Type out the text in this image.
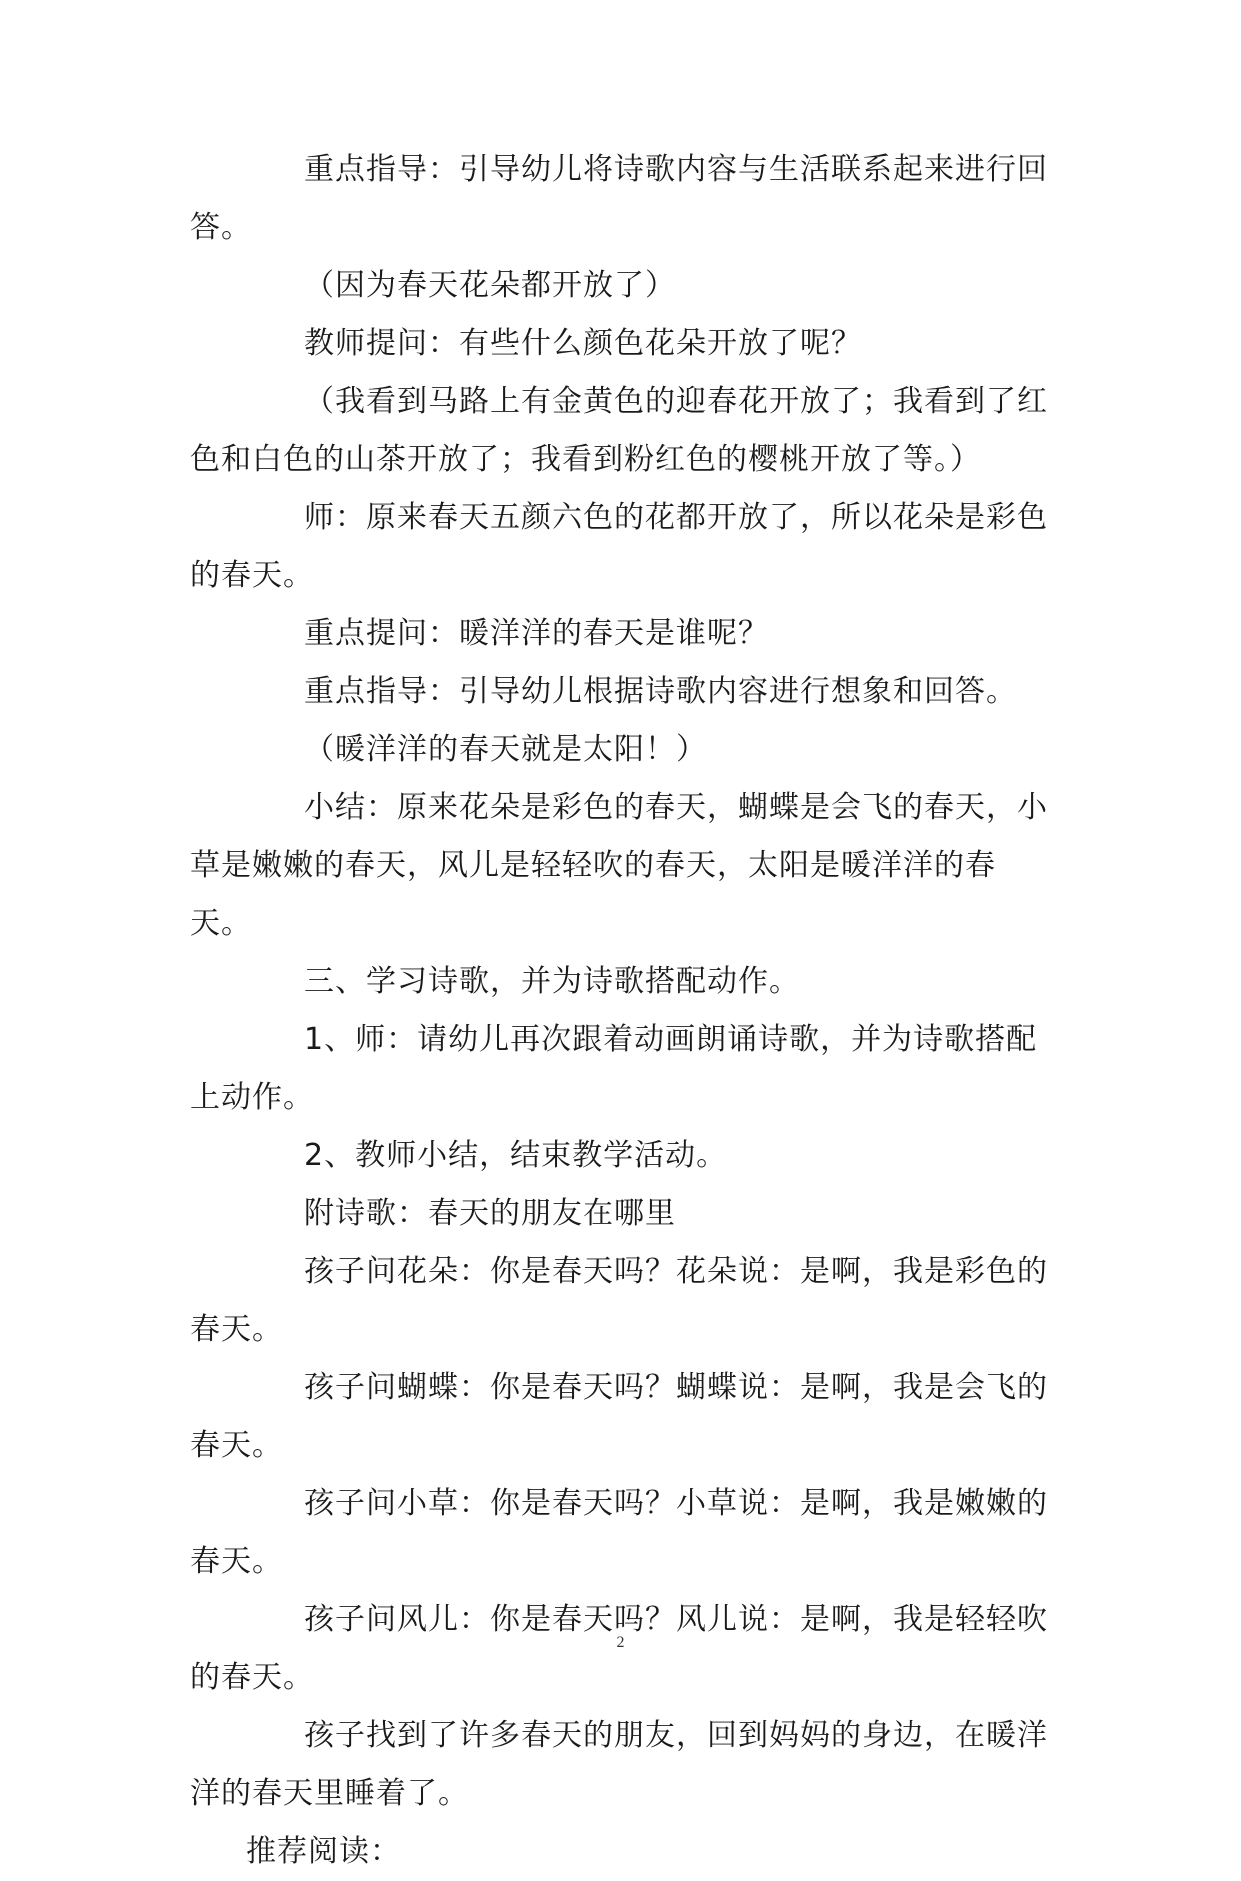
重点指导：引导幼儿将诗歌内容与生活联系起来进行回答。

（因为春天花朵都开放了）

教师提问：有些什么颜色花朵开放了呢？

（我看到马路上有金黄色的迎春花开放了；我看到了红色和白色的山茶开放了；我看到粉红色的樱桃开放了等。）

师：原来春天五颜六色的花都开放了，所以花朵是彩色的春天。

重点提问：暖洋洋的春天是谁呢？

重点指导：引导幼儿根据诗歌内容进行想象和回答。

（暖洋洋的春天就是太阳！）

小结：原来花朵是彩色的春天，蝴蝶是会飞的春天，小草是嫩嫩的春天，风儿是轻轻吹的春天，太阳是暖洋洋的春天。

三、学习诗歌，并为诗歌搭配动作。

1、师：请幼儿再次跟着动画朗诵诗歌，并为诗歌搭配上动作。

2、教师小结，结束教学活动。

附诗歌：春天的朋友在哪里

孩子问花朵：你是春天吗？花朵说：是啊，我是彩色的春天。

孩子问蝴蝶：你是春天吗？蝴蝶说：是啊，我是会飞的春天。

孩子问小草：你是春天吗？小草说：是啊，我是嫩嫩的春天。

孩子问风儿：你是春天吗？风儿说：是啊，我是轻轻吹的春天。

孩子找到了许多春天的朋友，回到妈妈的身边，在暖洋洋的春天里睡着了。

推荐阅读：

2
